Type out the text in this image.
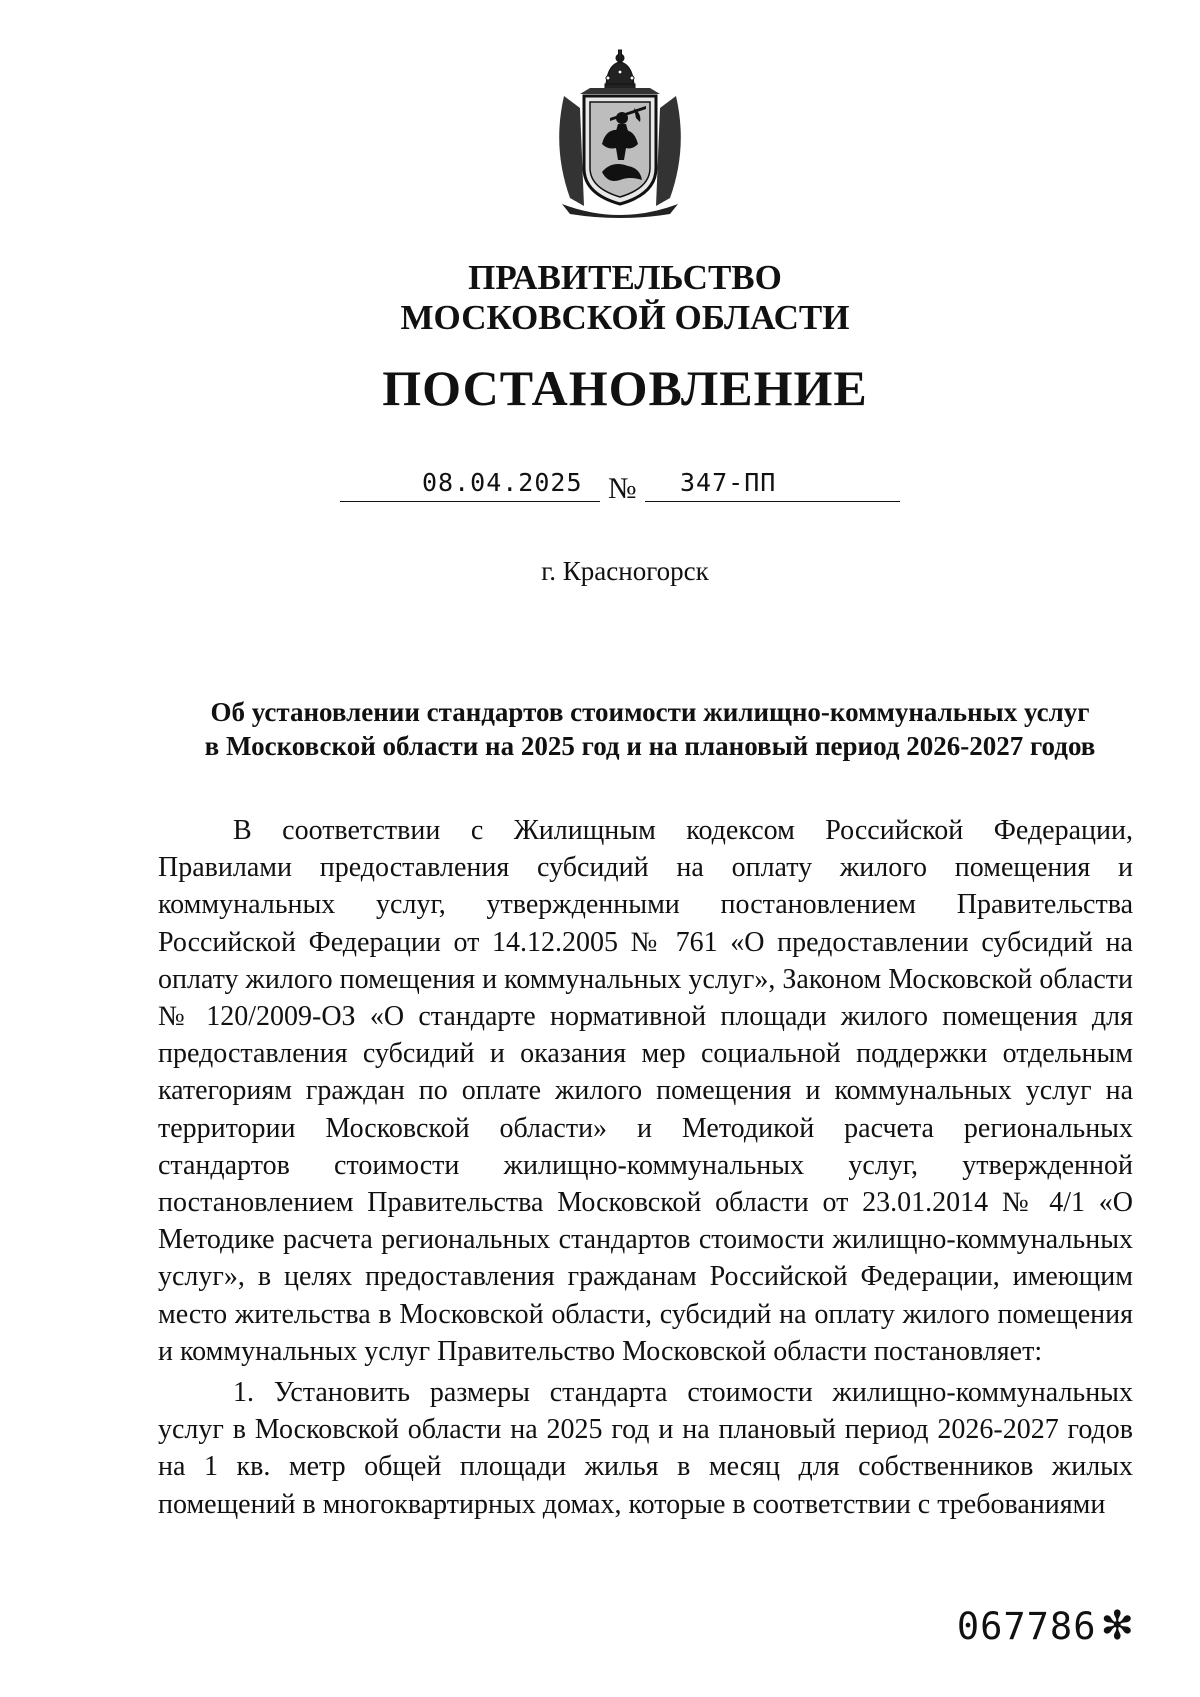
ПРАВИТЕЛЬСТВО
МОСКОВСКОЙ ОБЛАСТИ
ПОСТАНОВЛЕНИЕ
08.04.2025 № 347-ПП
г. Красногорск
Об установлении стандартов стоимости жилищно-коммунальных услуг
в Московской области на 2025 год и на плановый период 2026-2027 годов

В соответствии с Жилищным кодексом Российской Федерации, Правилами предоставления субсидий на оплату жилого помещения и коммунальных услуг, утвержденными постановлением Правительства Российской Федерации от 14.12.2005 № 761 «О предоставлении субсидий на оплату жилого помещения и коммунальных услуг», Законом Московской области № 120/2009-ОЗ «О стандарте нормативной площади жилого помещения для предоставления субсидий и оказания мер социальной поддержки отдельным категориям граждан по оплате жилого помещения и коммунальных услуг на территории Московской области» и Методикой расчета региональных стандартов стоимости жилищно-коммунальных услуг, утвержденной постановлением Правительства Московской области от 23.01.2014 № 4/1 «О Методике расчета региональных стандартов стоимости жилищно-коммунальных услуг», в целях предоставления гражданам Российской Федерации, имеющим место жительства в Московской области, субсидий на оплату жилого помещения и коммунальных услуг Правительство Московской области постановляет:

1. Установить размеры стандарта стоимости жилищно-коммунальных услуг в Московской области на 2025 год и на плановый период 2026-2027 годов на 1 кв. метр общей площади жилья в месяц для собственников жилых помещений в многоквартирных домах, которые в соответствии с требованиями

067786 ✻
